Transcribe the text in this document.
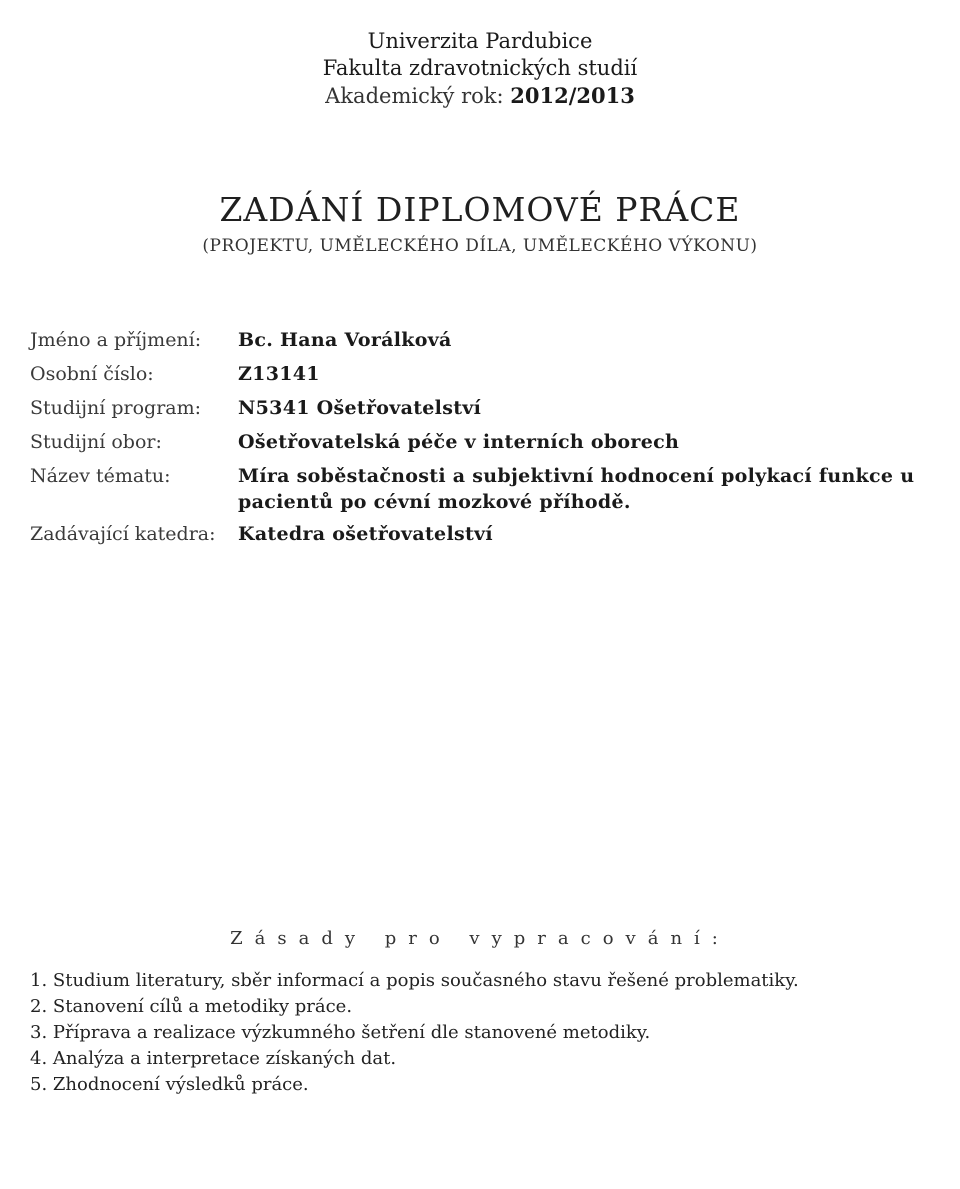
Univerzita Pardubice
Fakulta zdravotnických studií
Akademický rok: 2012/2013
ZADÁNÍ DIPLOMOVÉ PRÁCE
(PROJEKTU, UMĚLECKÉHO DÍLA, UMĚLECKÉHO VÝKONU)
Jméno a příjmení:	Bc. Hana Vorálková
Osobní číslo:	Z13141
Studijní program:	N5341 Ošetřovatelství
Studijní obor:	Ošetřovatelská péče v interních oborech
Název tématu:	Míra soběstačnosti a subjektivní hodnocení polykací funkce u pacientů po cévní mozkové příhodě.
Zadávající katedra:	Katedra ošetřovatelství
Zásady pro vypracování:
1. Studium literatury, sběr informací a popis současného stavu řešené problematiky.
2. Stanovení cílů a metodiky práce.
3. Příprava a realizace výzkumného šetření dle stanovené metodiky.
4. Analýza a interpretace získaných dat.
5. Zhodnocení výsledků práce.
